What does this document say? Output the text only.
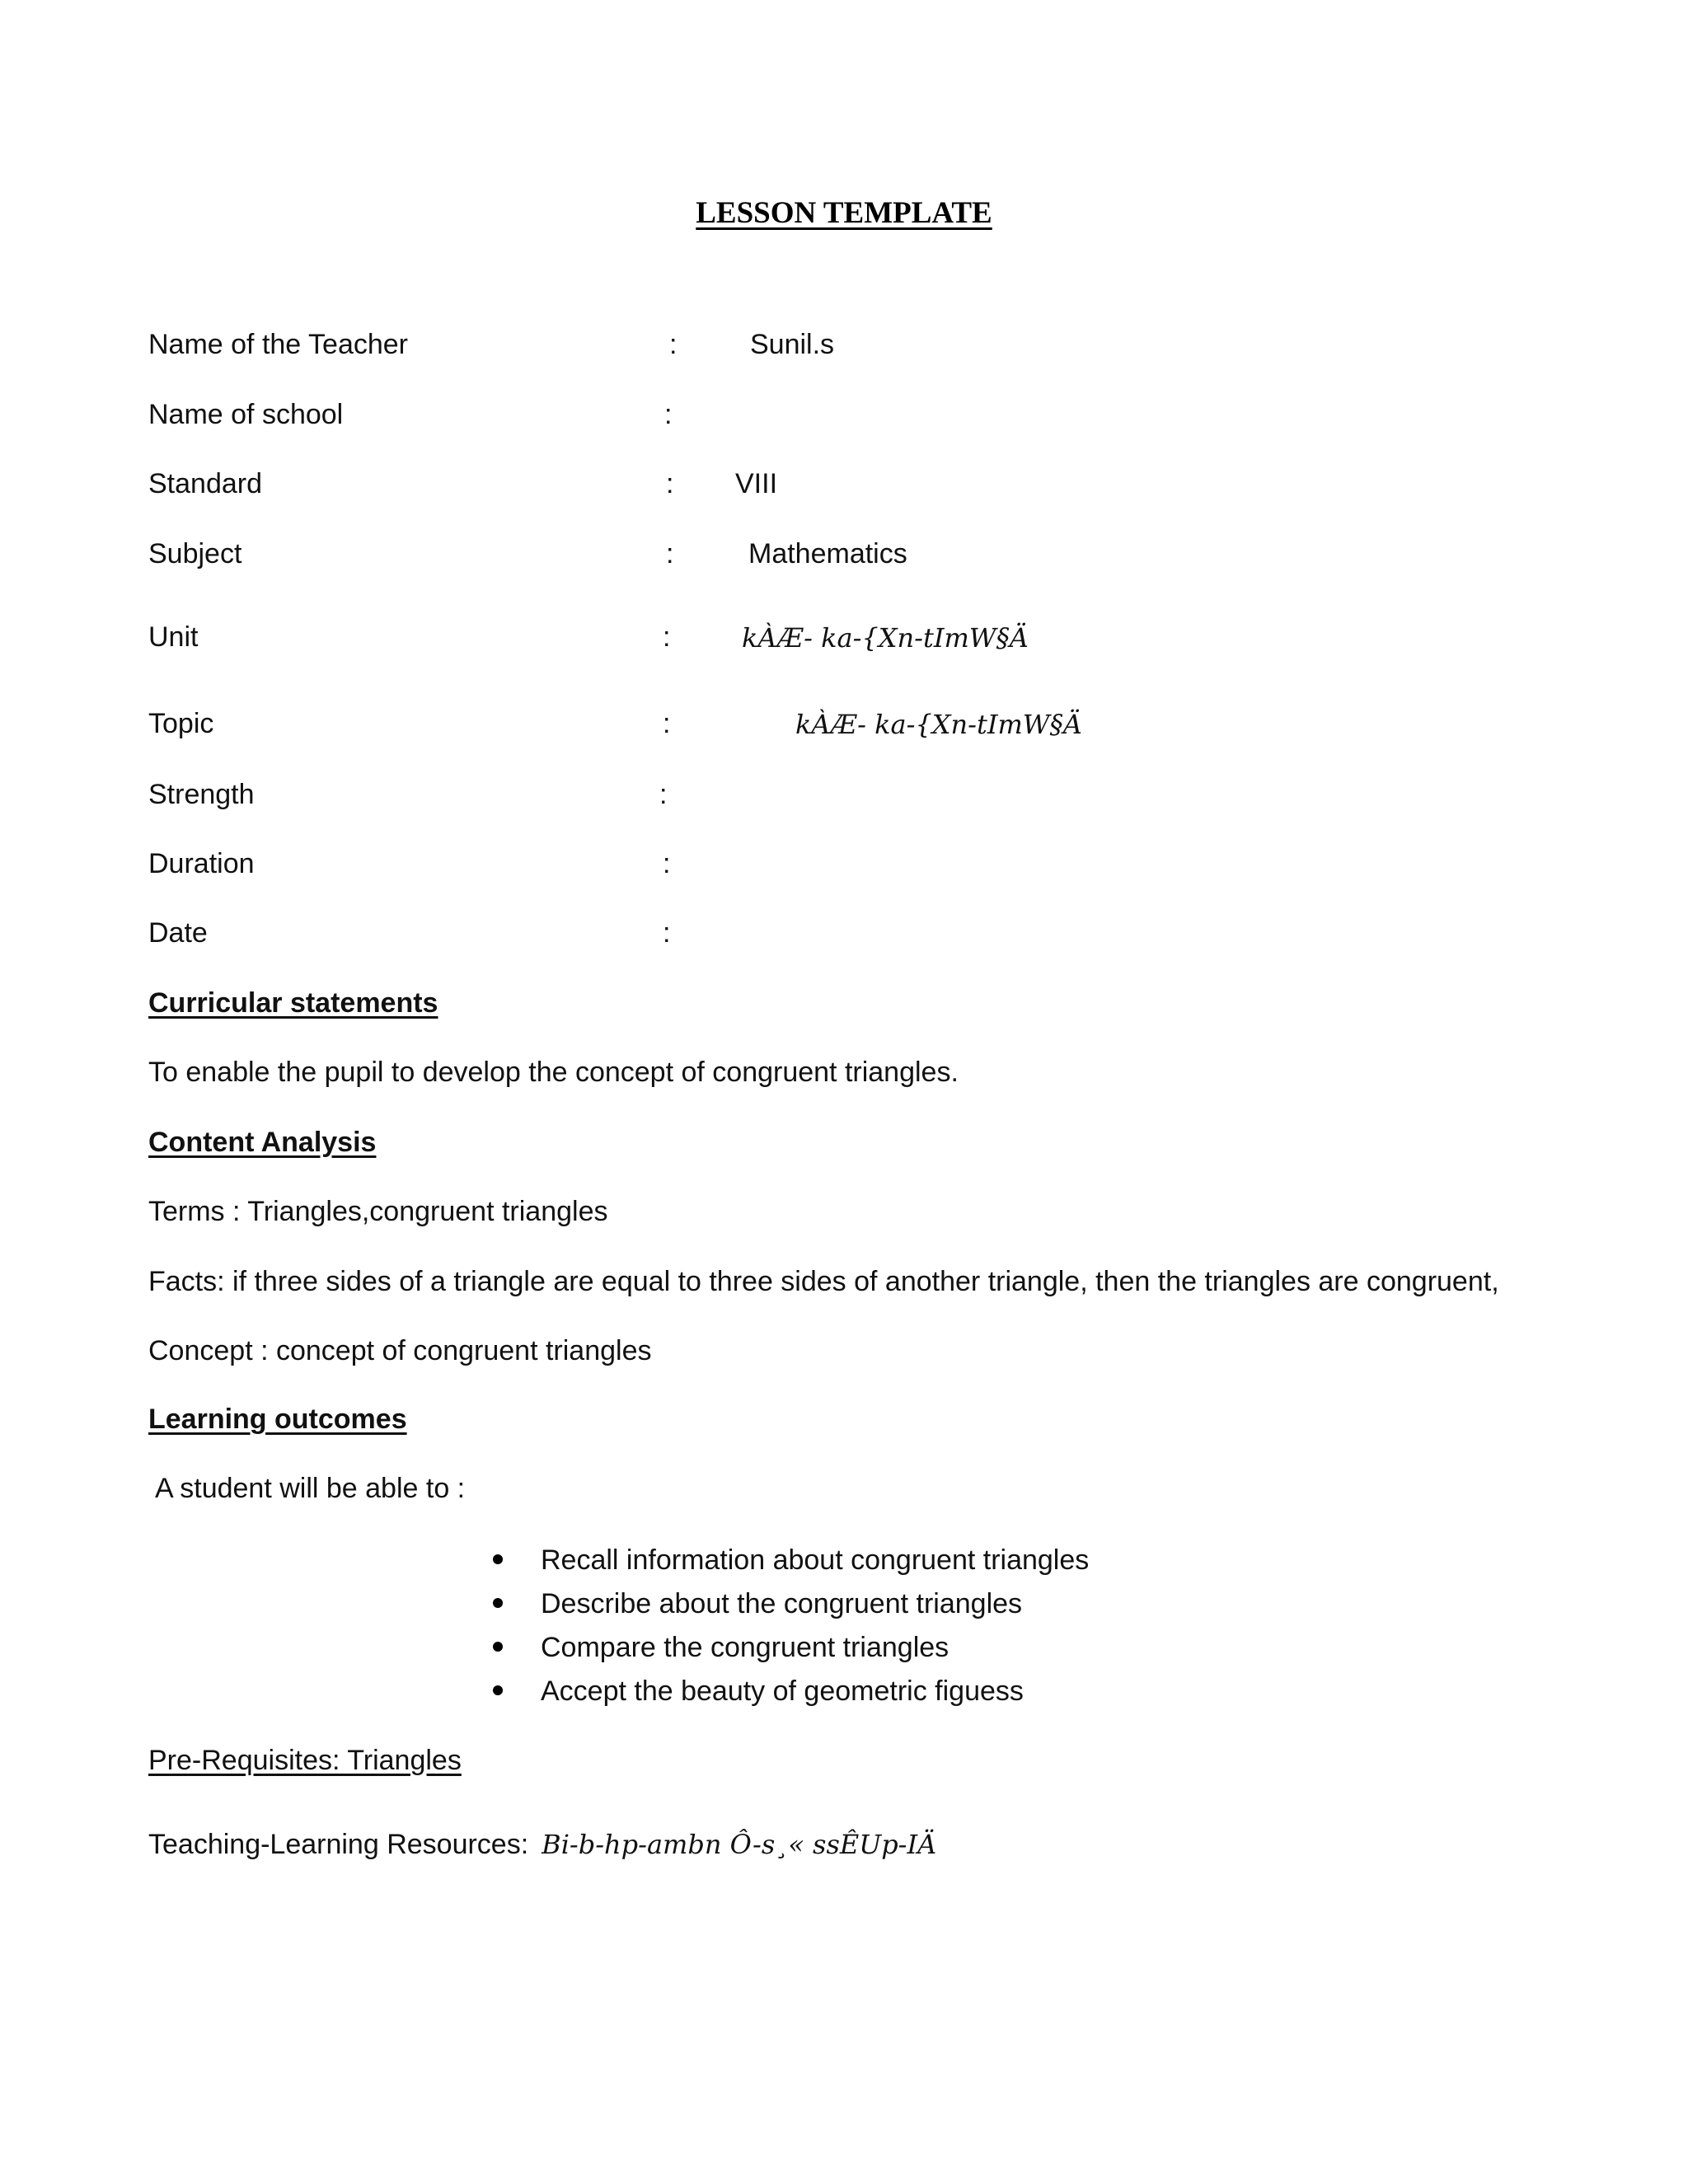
LESSON TEMPLATE
Name of the Teacher	:	Sunil.s
Name of school	:
Standard	: VIII
Subject	:	Mathematics
Unit	:	kÀÆ- ka-{Xn-tImW§Ä
Topic	:	kÀÆ- ka-{Xn-tImW§Ä
Strength	:
Duration	:
Date	:
Curricular statements
To enable the pupil to develop the concept of congruent triangles.
Content Analysis
Terms : Triangles,congruent triangles
Facts: if three sides of a triangle are equal to three sides of another triangle, then the triangles are congruent,
Concept : concept of congruent triangles
Learning outcomes
A student will be able to :
Recall information about congruent triangles
Describe about the congruent triangles
Compare the congruent triangles
Accept the beauty of geometric figuess
Pre-Requisites: Triangles
Teaching-Learning Resources: Bi-b-hp-ambn Ô-s¸« ssÊUp-IÄ
